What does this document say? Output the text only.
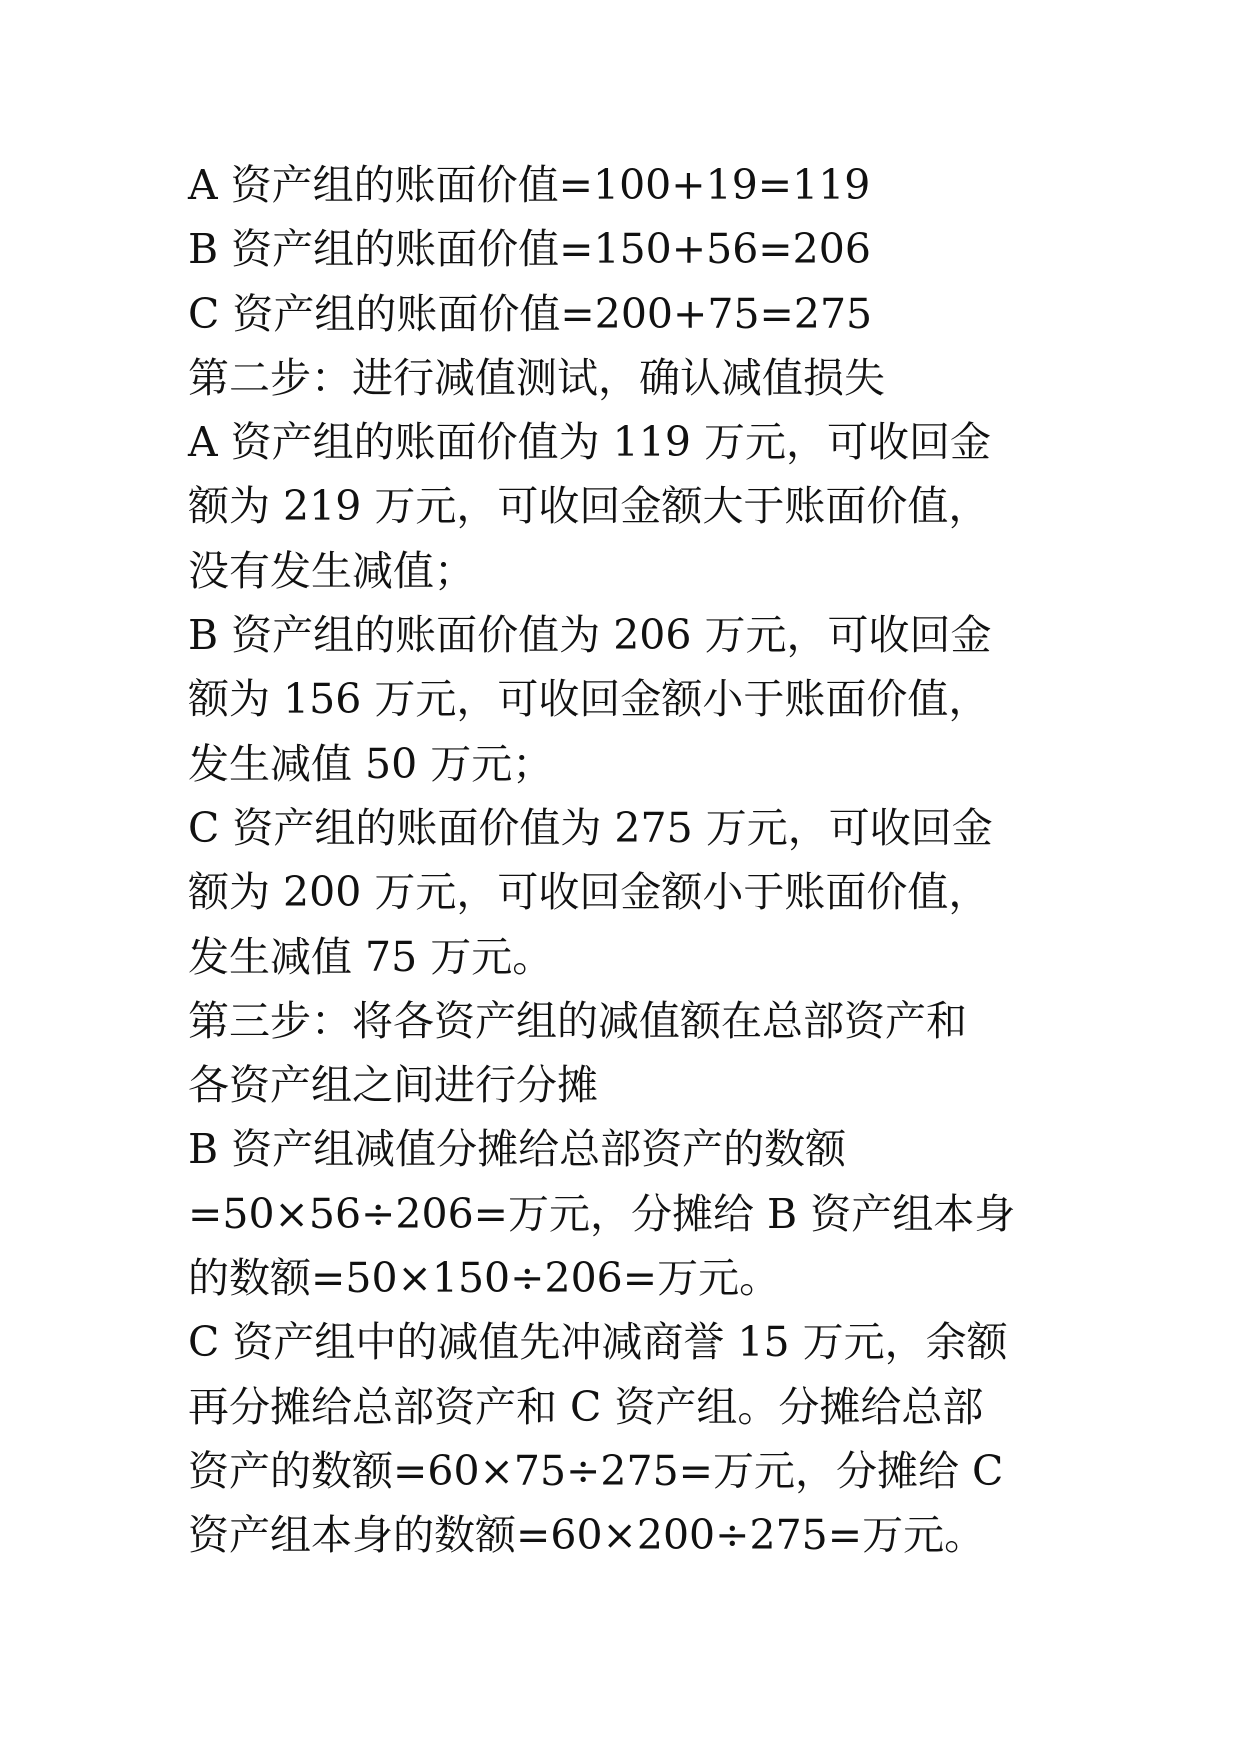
A 资产组的账面价值=100+19=119
B 资产组的账面价值=150+56=206
C 资产组的账面价值=200+75=275
第二步：进行减值测试，确认减值损失
A 资产组的账面价值为 119 万元，可收回金
额为 219 万元，可收回金额大于账面价值，
没有发生减值；
B 资产组的账面价值为 206 万元，可收回金
额为 156 万元，可收回金额小于账面价值，
发生减值 50 万元；
C 资产组的账面价值为 275 万元，可收回金
额为 200 万元，可收回金额小于账面价值，
发生减值 75 万元。
第三步：将各资产组的减值额在总部资产和
各资产组之间进行分摊
B 资产组减值分摊给总部资产的数额
=50×56÷206=万元，分摊给 B 资产组本身
的数额=50×150÷206=万元。
C 资产组中的减值先冲减商誉 15 万元，余额
再分摊给总部资产和 C 资产组。分摊给总部
资产的数额=60×75÷275=万元，分摊给 C
资产组本身的数额=60×200÷275=万元。
